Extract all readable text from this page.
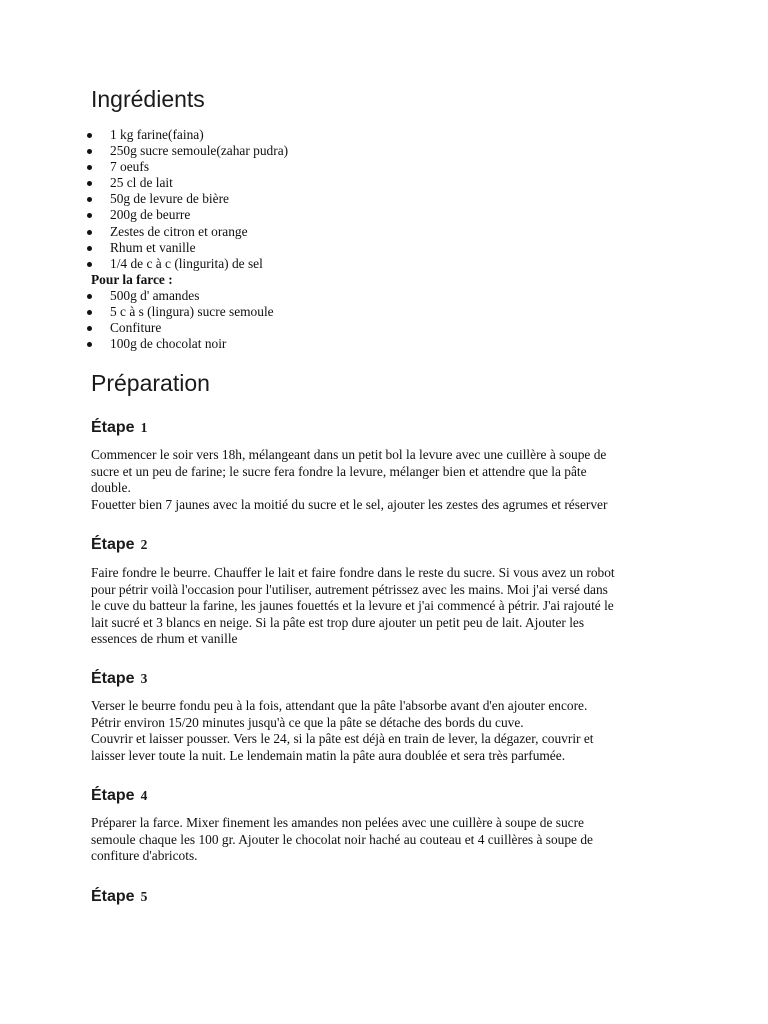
Ingrédients
1 kg farine(faina)
250g sucre semoule(zahar pudra)
7 oeufs
25 cl de lait
50g de levure de bière
200g de beurre
Zestes de citron et orange
Rhum et vanille
1/4 de c à c (lingurita) de sel
Pour la farce :
500g d' amandes
5 c à s (lingura) sucre semoule
Confiture
100g de chocolat noir
Préparation
Étape 1

Commencer le soir vers 18h, mélangeant dans un petit bol la levure avec une cuillère à soupe de
sucre et un peu de farine; le sucre fera fondre la levure, mélanger bien et attendre que la pâte
double.
Fouetter bien 7 jaunes avec la moitié du sucre et le sel, ajouter les zestes des agrumes et réserver

Étape 2

Faire fondre le beurre. Chauffer le lait et faire fondre dans le reste du sucre. Si vous avez un robot
pour pétrir voilà l'occasion pour l'utiliser, autrement pétrissez avec les mains. Moi j'ai versé dans
le cuve du batteur la farine, les jaunes fouettés et la levure et j'ai commencé à pétrir. J'ai rajouté le
lait sucré et 3 blancs en neige. Si la pâte est trop dure ajouter un petit peu de lait. Ajouter les
essences de rhum et vanille

Étape 3

Verser le beurre fondu peu à la fois, attendant que la pâte l'absorbe avant d'en ajouter encore.
Pétrir environ 15/20 minutes jusqu'à ce que la pâte se détache des bords du cuve.
Couvrir et laisser pousser. Vers le 24, si la pâte est déjà en train de lever, la dégazer, couvrir et
laisser lever toute la nuit. Le lendemain matin la pâte aura doublée et sera très parfumée.

Étape 4

Préparer la farce. Mixer finement les amandes non pelées avec une cuillère à soupe de sucre
semoule chaque les 100 gr. Ajouter le chocolat noir haché au couteau et 4 cuillères à soupe de
confiture d'abricots.

Étape 5
